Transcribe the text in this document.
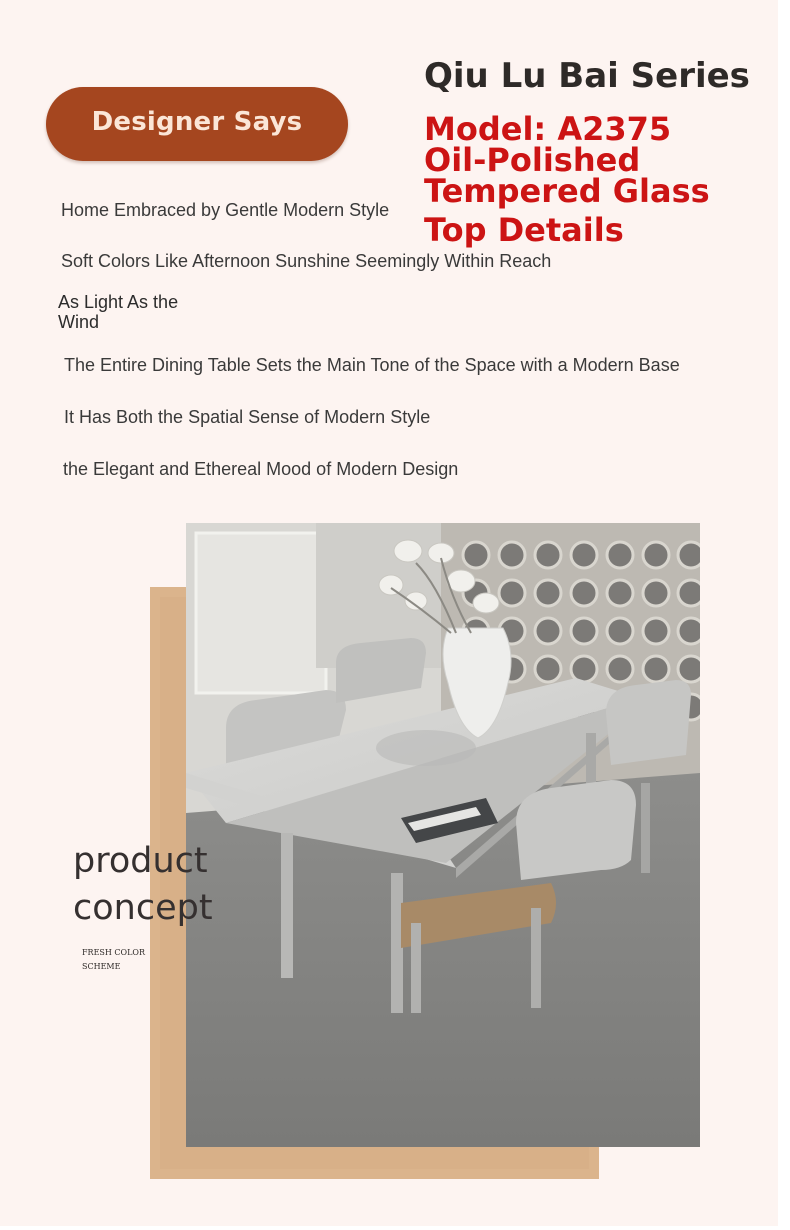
Designer Says
Qiu Lu Bai Series
Model: A2375
Oil-Polished
Tempered Glass
Top Details
Home Embraced by Gentle Modern Style
Soft Colors Like Afternoon Sunshine Seemingly Within Reach
As Light As the
Wind
The Entire Dining Table Sets the Main Tone of the Space with a Modern Base
It Has Both the Spatial Sense of Modern Style
the Elegant and Ethereal Mood of Modern Design
product
concept
FRESH COLOR
SCHEME
